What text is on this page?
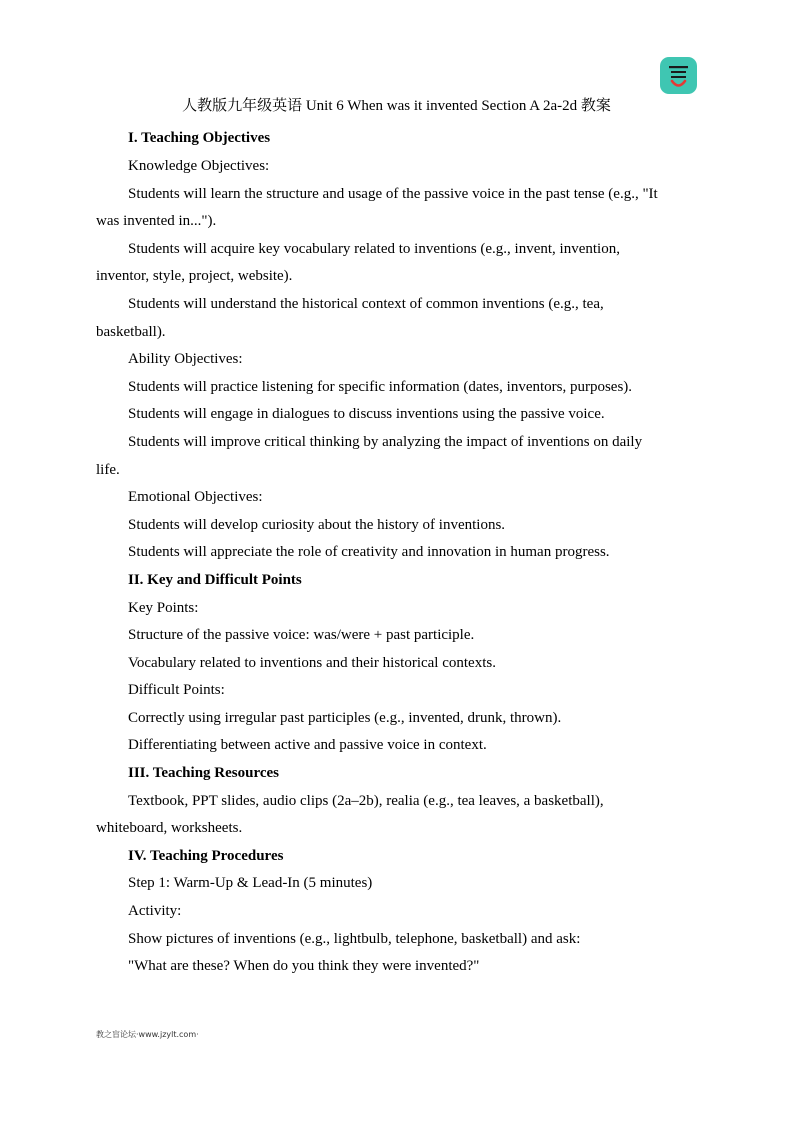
人教版九年级英语 Unit 6 When was it invented Section A 2a-2d 教案
I. Teaching Objectives
Knowledge Objectives:
Students will learn the structure and usage of the passive voice in the past tense (e.g., "It
was invented in...").
Students will acquire key vocabulary related to inventions (e.g., invent, invention,
inventor, style, project, website).
Students will understand the historical context of common inventions (e.g., tea,
basketball).
Ability Objectives:
Students will practice listening for specific information (dates, inventors, purposes).
Students will engage in dialogues to discuss inventions using the passive voice.
Students will improve critical thinking by analyzing the impact of inventions on daily
life.
Emotional Objectives:
Students will develop curiosity about the history of inventions.
Students will appreciate the role of creativity and innovation in human progress.
II. Key and Difficult Points
Key Points:
Structure of the passive voice: was/were + past participle.
Vocabulary related to inventions and their historical contexts.
Difficult Points:
Correctly using irregular past participles (e.g., invented, drunk, thrown).
Differentiating between active and passive voice in context.
III. Teaching Resources
Textbook, PPT slides, audio clips (2a–2b), realia (e.g., tea leaves, a basketball),
whiteboard, worksheets.
IV. Teaching Procedures
Step 1: Warm-Up & Lead-In (5 minutes)
Activity:
Show pictures of inventions (e.g., lightbulb, telephone, basketball) and ask:
"What are these? When do you think they were invented?"
教之盲论坛·www.jzylt.com·
